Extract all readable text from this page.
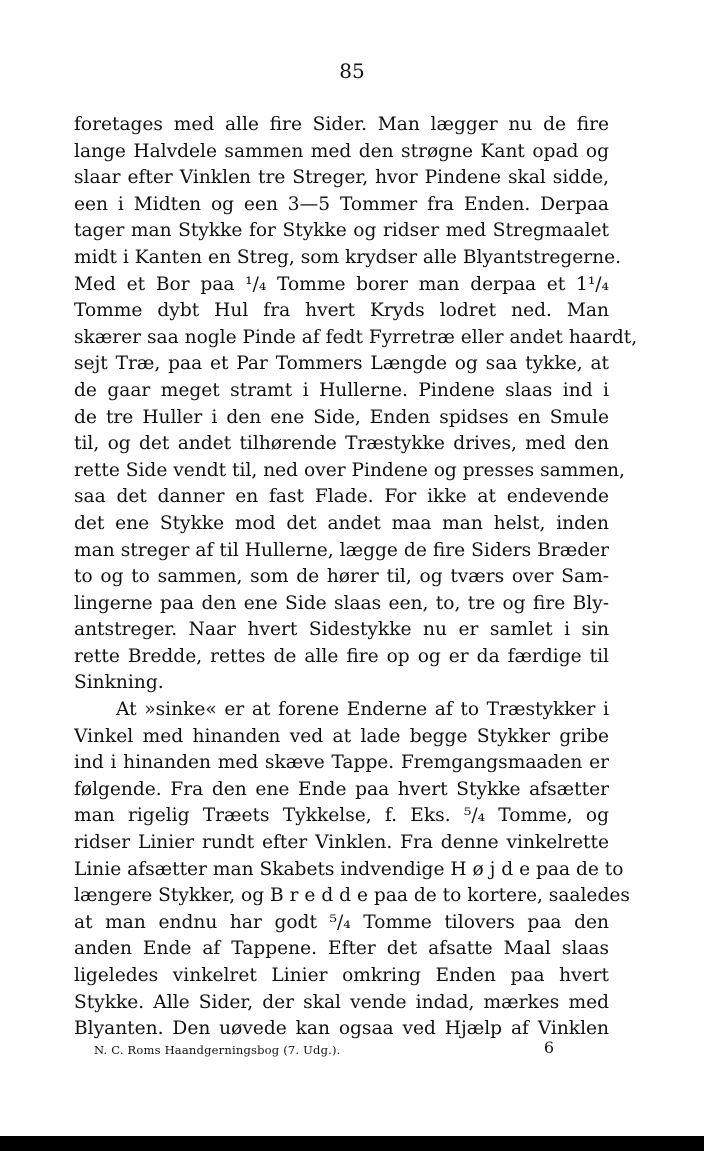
85
foretages med alle fire Sider. Man lægger nu de fire
lange Halvdele sammen med den strøgne Kant opad og
slaar efter Vinklen tre Streger, hvor Pindene skal sidde,
een i Midten og een 3—5 Tommer fra Enden. Derpaa
tager man Stykke for Stykke og ridser med Stregmaalet
midt i Kanten en Streg, som krydser alle Blyantstregerne.
Med et Bor paa ¹/₄ Tomme borer man derpaa et 1¹/₄
Tomme dybt Hul fra hvert Kryds lodret ned. Man
skærer saa nogle Pinde af fedt Fyrretræ eller andet haardt,
sejt Træ, paa et Par Tommers Længde og saa tykke, at
de gaar meget stramt i Hullerne. Pindene slaas ind i
de tre Huller i den ene Side, Enden spidses en Smule
til, og det andet tilhørende Træstykke drives, med den
rette Side vendt til, ned over Pindene og presses sammen,
saa det danner en fast Flade. For ikke at endevende
det ene Stykke mod det andet maa man helst, inden
man streger af til Hullerne, lægge de fire Siders Bræder
to og to sammen, som de hører til, og tværs over Sam-
lingerne paa den ene Side slaas een, to, tre og fire Bly-
antstreger. Naar hvert Sidestykke nu er samlet i sin
rette Bredde, rettes de alle fire op og er da færdige til
Sinkning.
At »sinke« er at forene Enderne af to Træstykker i
Vinkel med hinanden ved at lade begge Stykker gribe
ind i hinanden med skæve Tappe. Fremgangsmaaden er
følgende. Fra den ene Ende paa hvert Stykke afsætter
man rigelig Træets Tykkelse, f. Eks. ⁵/₄ Tomme, og
ridser Linier rundt efter Vinklen. Fra denne vinkelrette
Linie afsætter man Skabets indvendige H ø j d e paa de to
længere Stykker, og B r e d d e paa de to kortere, saaledes
at man endnu har godt ⁵/₄ Tomme tilovers paa den
anden Ende af Tappene. Efter det afsatte Maal slaas
ligeledes vinkelret Linier omkring Enden paa hvert
Stykke. Alle Sider, der skal vende indad, mærkes med
Blyanten. Den uøvede kan ogsaa ved Hjælp af Vinklen
N. C. Roms Haandgerningsbog (7. Udg.).	6
